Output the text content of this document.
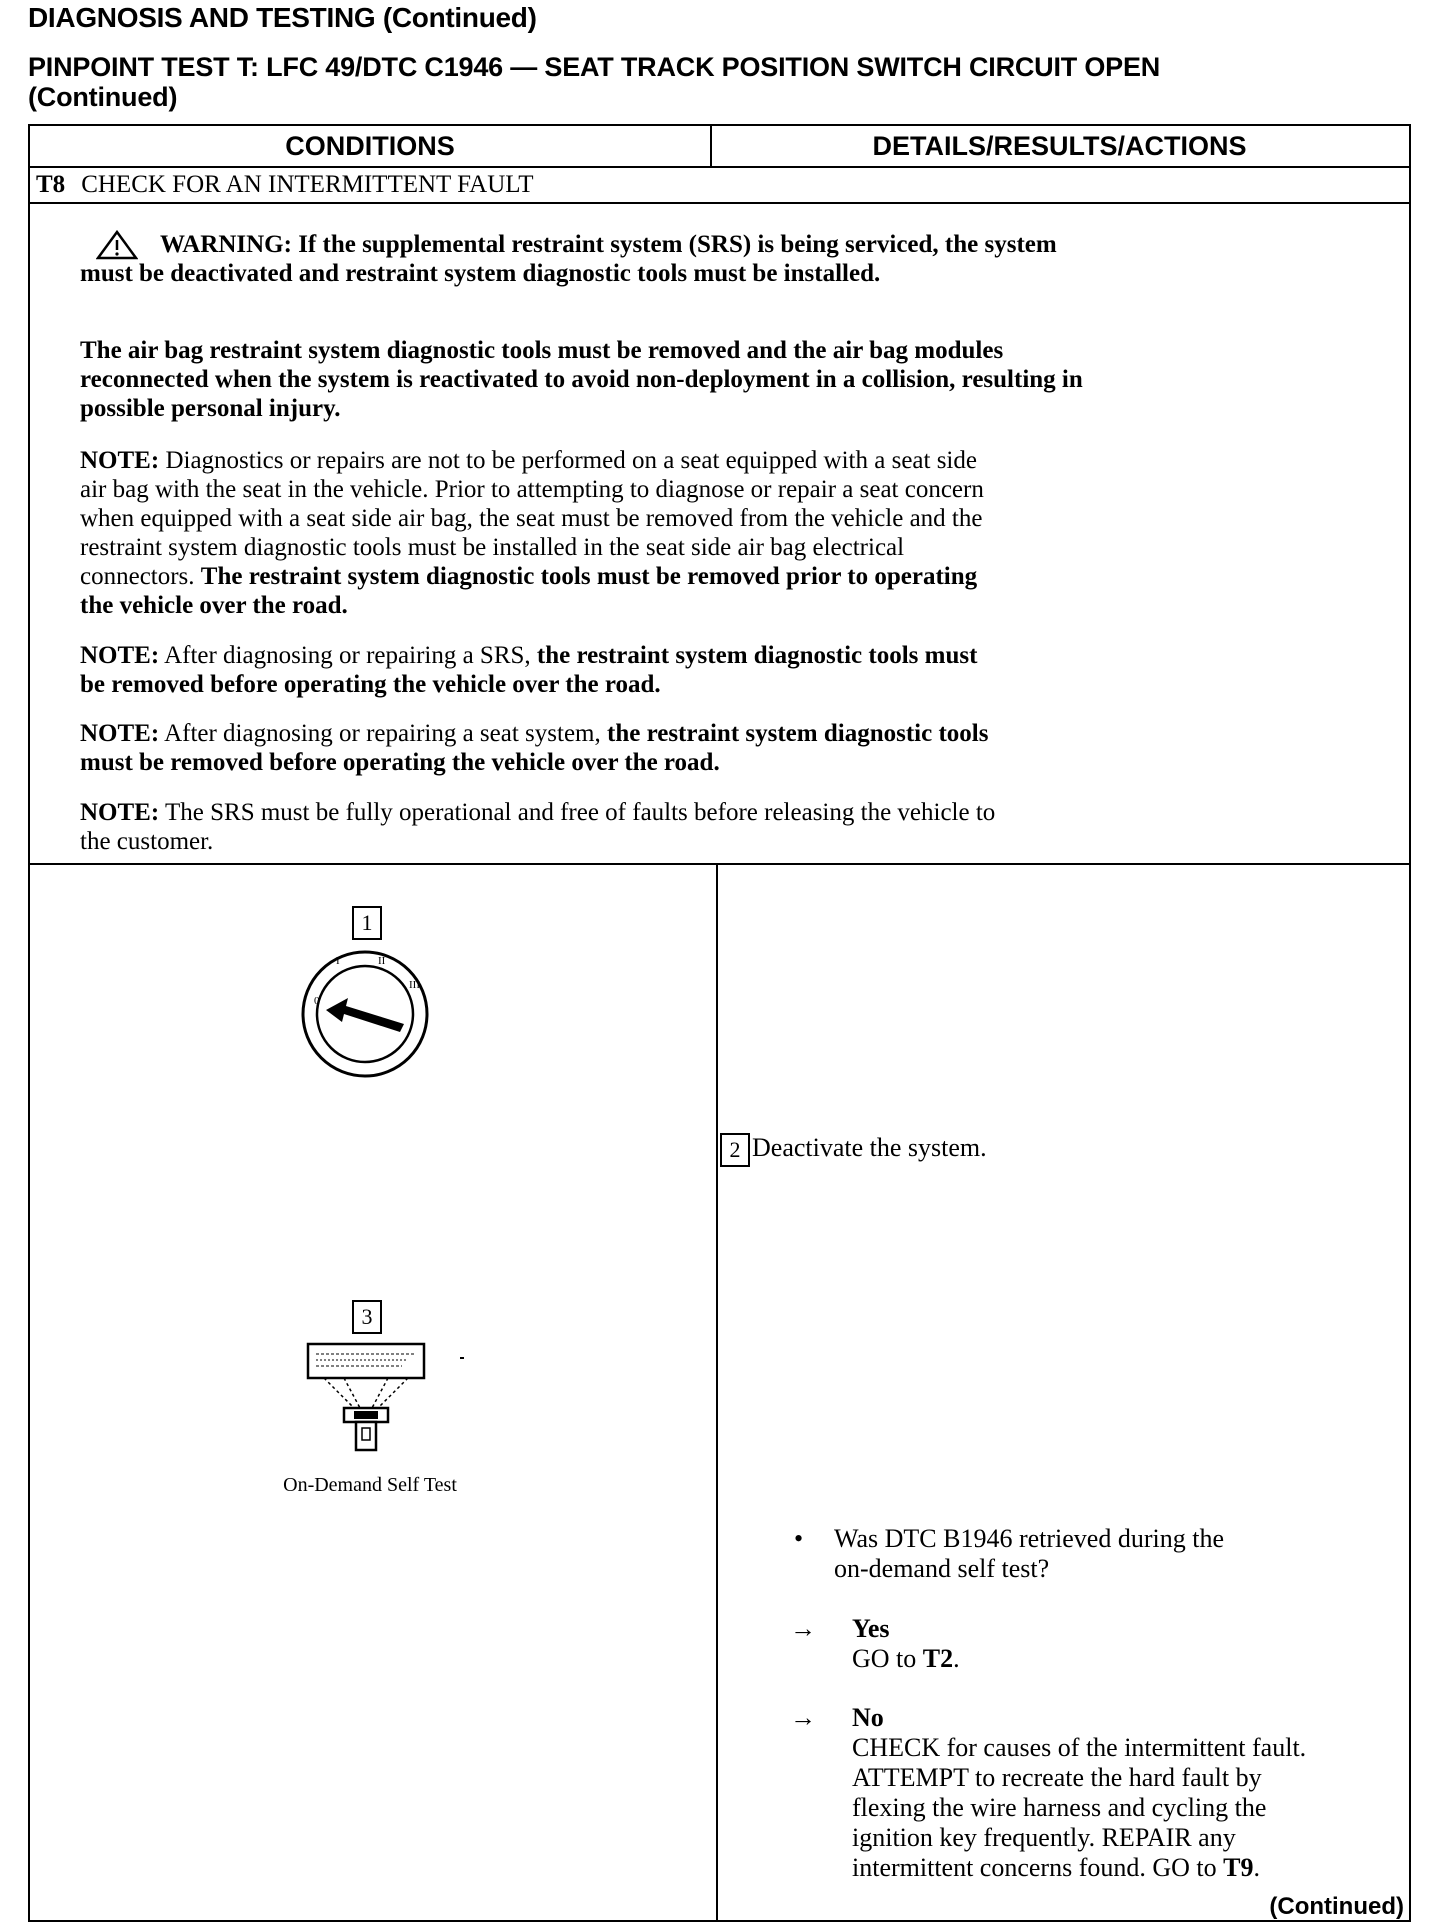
DIAGNOSIS AND TESTING (Continued)
PINPOINT TEST T: LFC 49/DTC C1946 — SEAT TRACK POSITION SWITCH CIRCUIT OPEN
(Continued)
CONDITIONS	DETAILS/RESULTS/ACTIONS
T8 CHECK FOR AN INTERMITTENT FAULT
WARNING: If the supplemental restraint system (SRS) is being serviced, the system
must be deactivated and restraint system diagnostic tools must be installed.
The air bag restraint system diagnostic tools must be removed and the air bag modules
reconnected when the system is reactivated to avoid non-deployment in a collision, resulting in
possible personal injury.
NOTE: Diagnostics or repairs are not to be performed on a seat equipped with a seat side
air bag with the seat in the vehicle. Prior to attempting to diagnose or repair a seat concern
when equipped with a seat side air bag, the seat must be removed from the vehicle and the
restraint system diagnostic tools must be installed in the seat side air bag electrical
connectors. The restraint system diagnostic tools must be removed prior to operating
the vehicle over the road.
NOTE: After diagnosing or repairing a SRS, the restraint system diagnostic tools must
be removed before operating the vehicle over the road.
NOTE: After diagnosing or repairing a seat system, the restraint system diagnostic tools
must be removed before operating the vehicle over the road.
NOTE: The SRS must be fully operational and free of faults before releasing the vehicle to
the customer.
1
0
I	II
III
2 Deactivate the system.
3
On-Demand Self Test
• Was DTC B1946 retrieved during the
on-demand self test?
→ Yes
GO to T2.
→ No
CHECK for causes of the intermittent fault.
ATTEMPT to recreate the hard fault by
flexing the wire harness and cycling the
ignition key frequently. REPAIR any
intermittent concerns found. GO to T9.
(Continued)
